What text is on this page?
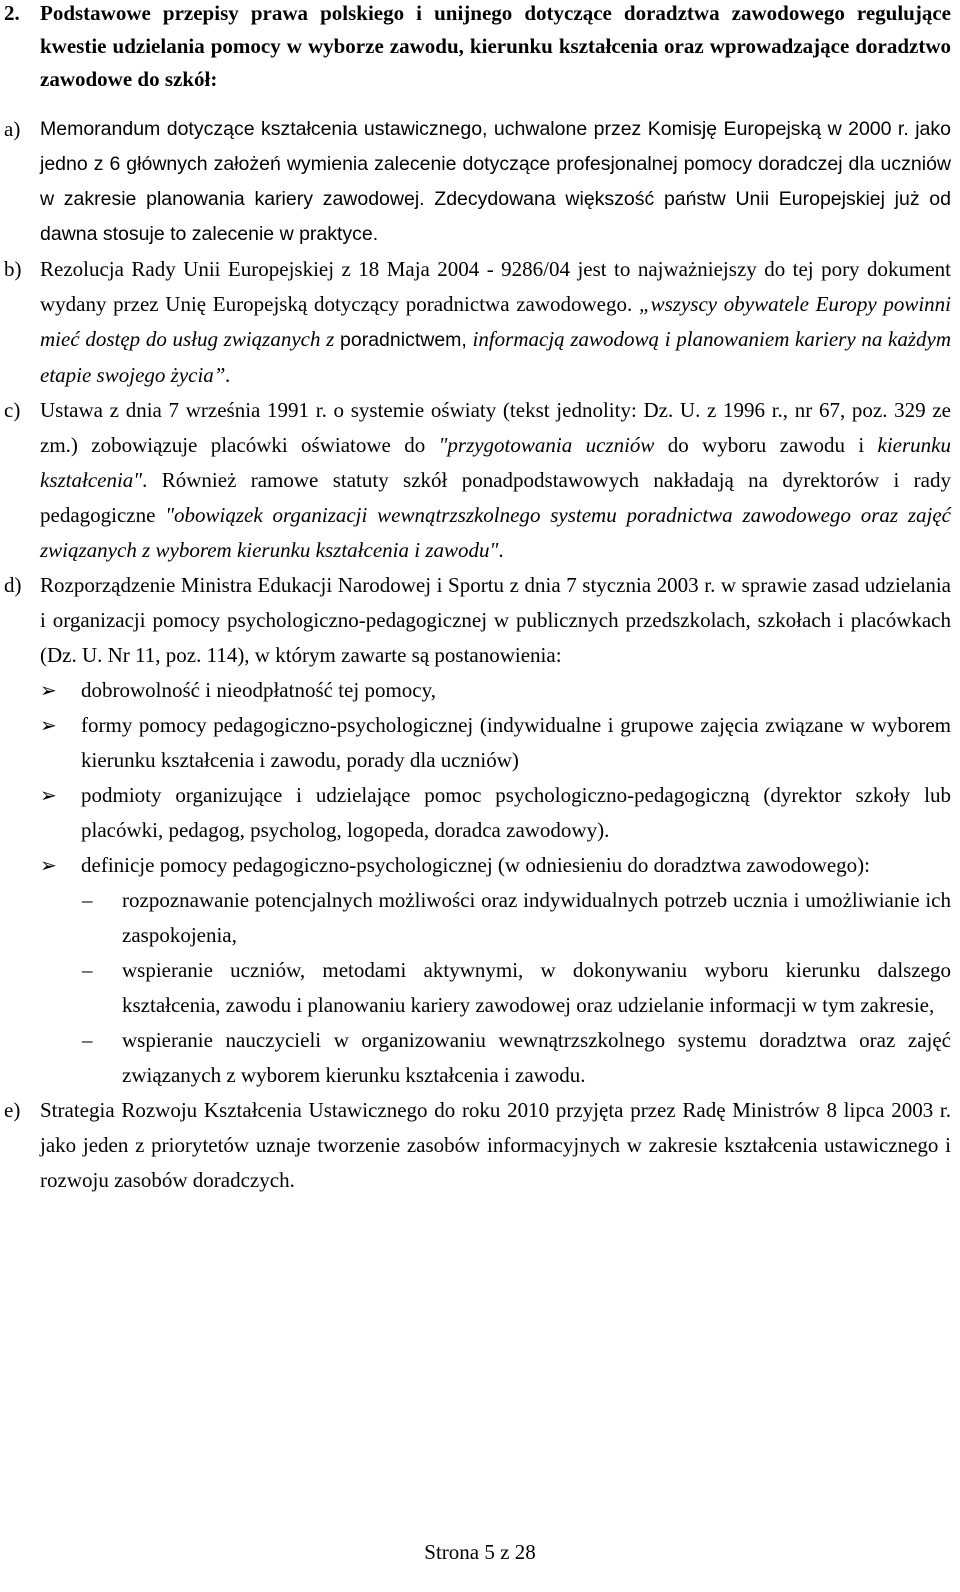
2. Podstawowe przepisy prawa polskiego i unijnego dotyczące doradztwa zawodowego regulujące kwestie udzielania pomocy w wyborze zawodu, kierunku kształcenia oraz wprowadzające doradztwo zawodowe do szkół:
a)	Memorandum dotyczące kształcenia ustawicznego, uchwalone przez Komisję Europejską w 2000 r. jako jedno z 6 głównych założeń wymienia zalecenie dotyczące profesjonalnej pomocy doradczej dla uczniów w zakresie planowania kariery zawodowej. Zdecydowana większość państw Unii Europejskiej już od dawna stosuje to zalecenie w praktyce.
b) Rezolucja Rady Unii Europejskiej z 18 Maja 2004 - 9286/04 jest to najważniejszy do tej pory dokument wydany przez Unię Europejską dotyczący poradnictwa zawodowego. „wszyscy obywatele Europy powinni mieć dostęp do usług związanych z poradnictwem, informacją zawodową i planowaniem kariery na każdym etapie swojego życia”.
c) Ustawa z dnia 7 września 1991 r. o systemie oświaty (tekst jednolity: Dz. U. z 1996 r., nr 67, poz. 329 ze zm.) zobowiązuje placówki oświatowe do "przygotowania uczniów do wyboru zawodu i kierunku kształcenia". Również ramowe statuty szkół ponadpodstawowych nakładają na dyrektorów i rady pedagogiczne "obowiązek organizacji wewnątrzszkolnego systemu poradnictwa zawodowego oraz zajęć związanych z wyborem kierunku kształcenia i zawodu".
d) Rozporządzenie Ministra Edukacji Narodowej i Sportu z dnia 7 stycznia 2003 r. w sprawie zasad udzielania i organizacji pomocy psychologiczno-pedagogicznej w publicznych przedszkolach, szkołach i placówkach (Dz. U. Nr 11, poz. 114), w którym zawarte są postanowienia:
➢	dobrowolność i nieodpłatność tej pomocy,
➢	formy pomocy pedagogiczno-psychologicznej (indywidualne i grupowe zajęcia związane w wyborem kierunku kształcenia i zawodu, porady dla uczniów)
➢	podmioty organizujące i udzielające pomoc psychologiczno-pedagogiczną (dyrektor szkoły lub placówki, pedagog, psycholog, logopeda, doradca zawodowy).
➢	definicje pomocy pedagogiczno-psychologicznej (w odniesieniu do doradztwa zawodowego):
–	rozpoznawanie potencjalnych możliwości oraz indywidualnych potrzeb ucznia i umożliwianie ich zaspokojenia,
–	wspieranie uczniów, metodami aktywnymi, w dokonywaniu wyboru kierunku dalszego kształcenia, zawodu i planowaniu kariery zawodowej oraz udzielanie informacji w tym zakresie,
–	wspieranie nauczycieli w organizowaniu wewnątrzszkolnego systemu doradztwa oraz zajęć związanych z wyborem kierunku kształcenia i zawodu.
e) Strategia Rozwoju Kształcenia Ustawicznego do roku 2010 przyjęta przez Radę Ministrów 8 lipca 2003 r. jako jeden z priorytetów uznaje tworzenie zasobów informacyjnych w zakresie kształcenia ustawicznego i rozwoju zasobów doradczych.
Strona 5 z 28
